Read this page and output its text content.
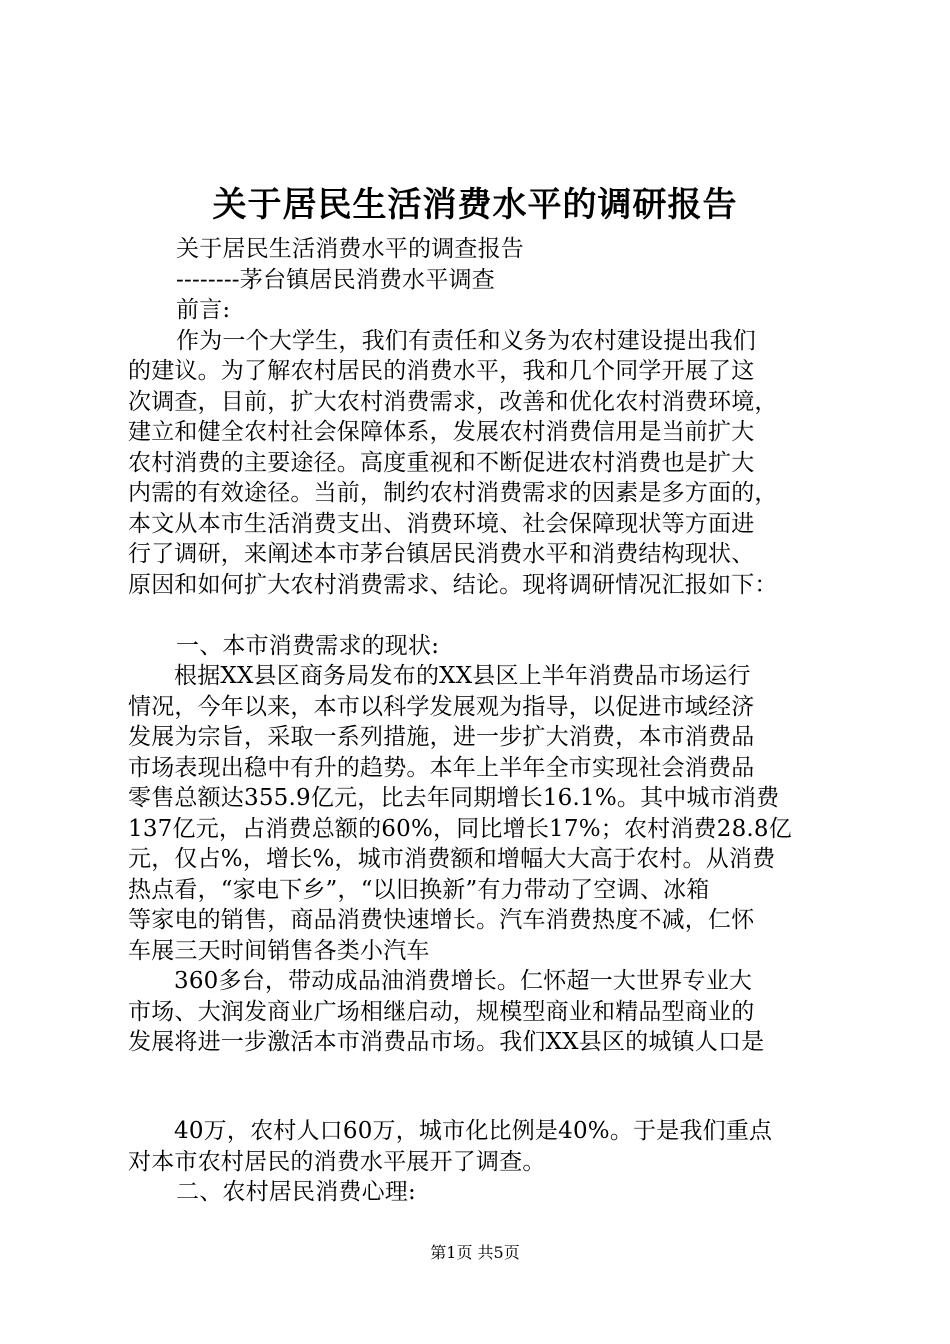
关于居民生活消费水平的调研报告
关于居民生活消费水平的调查报告
--------茅台镇居民消费水平调查
前言:
作为一个大学生，我们有责任和义务为农村建设提出我们
的建议。为了解农村居民的消费水平，我和几个同学开展了这
次调查，目前，扩大农村消费需求，改善和优化农村消费环境，
建立和健全农村社会保障体系，发展农村消费信用是当前扩大
农村消费的主要途径。高度重视和不断促进农村消费也是扩大
内需的有效途径。当前，制约农村消费需求的因素是多方面的，
本文从本市生活消费支出、消费环境、社会保障现状等方面进
行了调研，来阐述本市茅台镇居民消费水平和消费结构现状、
原因和如何扩大农村消费需求、结论。现将调研情况汇报如下：
一、本市消费需求的现状:
根据XX县区商务局发布的XX县区上半年消费品市场运行
情况，今年以来，本市以科学发展观为指导，以促进市域经济
发展为宗旨，采取一系列措施，进一步扩大消费，本市消费品
市场表现出稳中有升的趋势。本年上半年全市实现社会消费品
零售总额达355.9亿元，比去年同期增长16.1%。其中城市消费
137亿元，占消费总额的60%，同比增长17%；农村消费28.8亿
元，仅占%，增长%，城市消费额和增幅大大高于农村。从消费
热点看，“家电下乡”，“以旧换新”有力带动了空调、冰箱
等家电的销售，商品消费快速增长。汽车消费热度不减，仁怀
车展三天时间销售各类小汽车
360多台，带动成品油消费增长。仁怀超一大世界专业大
市场、大润发商业广场相继启动，规模型商业和精品型商业的
发展将进一步激活本市消费品市场。我们XX县区的城镇人口是
40万，农村人口60万，城市化比例是40%。于是我们重点
对本市农村居民的消费水平展开了调查。
二、农村居民消费心理:
第1页 共5页
